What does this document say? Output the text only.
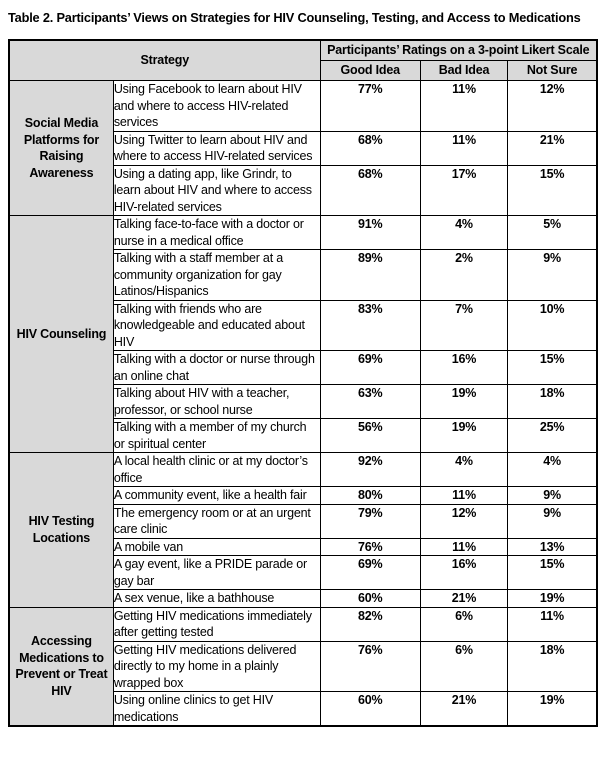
Table 2. Participants’ Views on Strategies for HIV Counseling, Testing, and Access to Medications
Strategy		Participants’ Ratings on a 3-point Likert Scale		
		Good Idea	Bad Idea	Not Sure
Social Media Platforms for Raising Awareness	Using Facebook to learn about HIV and where to access HIV-related services	77%	11%	12%
	Using Twitter to learn about HIV and where to access HIV-related services	68%	11%	21%
	Using a dating app, like Grindr, to learn about HIV and where to access HIV-related services	68%	17%	15%
HIV Counseling	Talking face-to-face with a doctor or nurse in a medical office	91%	4%	5%
	Talking with a staff member at a community organization for gay Latinos/Hispanics	89%	2%	9%
	Talking with friends who are knowledgeable and educated about HIV	83%	7%	10%
	Talking with a doctor or nurse through an online chat	69%	16%	15%
	Talking about HIV with a teacher, professor, or school nurse	63%	19%	18%
	Talking with a member of my church or spiritual center	56%	19%	25%
HIV Testing Locations	A local health clinic or at my doctor’s office	92%	4%	4%
	A community event, like a health fair	80%	11%	9%
	The emergency room or at an urgent care clinic	79%	12%	9%
	A mobile van	76%	11%	13%
	A gay event, like a PRIDE parade or gay bar	69%	16%	15%
	A sex venue, like a bathhouse	60%	21%	19%
Accessing Medications to Prevent or Treat HIV	Getting HIV medications immediately after getting tested	82%	6%	11%
	Getting HIV medications delivered directly to my home in a plainly wrapped box	76%	6%	18%
	Using online clinics to get HIV medications	60%	21%	19%
